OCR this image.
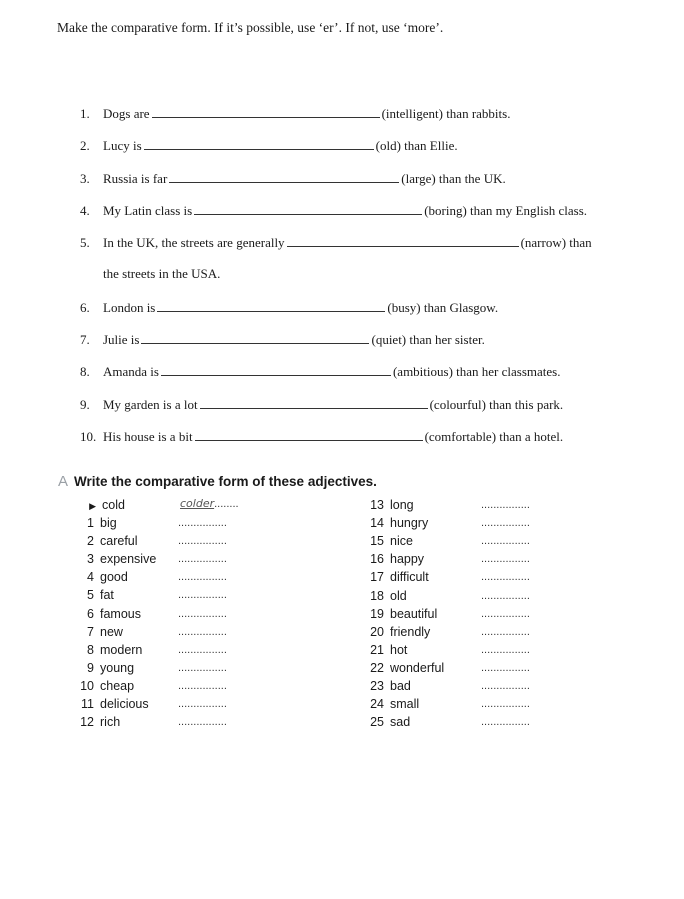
Make the comparative form. If it’s possible, use ‘er’. If not, use ‘more’.
1. Dogs are	(intelligent) than rabbits.
2. Lucy is	(old) than Ellie.
3. Russia is far	(large) than the UK.
4. My Latin class is	(boring) than my English class.
5. In the UK, the streets are generally	(narrow) than
the streets in the USA.
6. London is	(busy) than Glasgow.
7. Julie is	(quiet) than her sister.
8. Amanda is	(ambitious) than her classmates.
9. My garden is a lot	(colourful) than this park.
10. His house is a bit	(comfortable) than a hotel.
A Write the comparative form of these adjectives.
▶ cold	colder........
1 big	................
2 careful	................
3 expensive ................
4 good	................
5 fat	................
6 famous	................
7 new	................
8 modern	................
9 young	................
10 cheap	................
11 delicious	................
12 rich	................
13 long	................
14 hungry	................
15 nice	................
16 happy	................
17 difficult	................
18 old	................
19 beautiful	................
20 friendly	................
21 hot	................
22 wonderful	................
23 bad	................
24 small	................
25 sad	................
